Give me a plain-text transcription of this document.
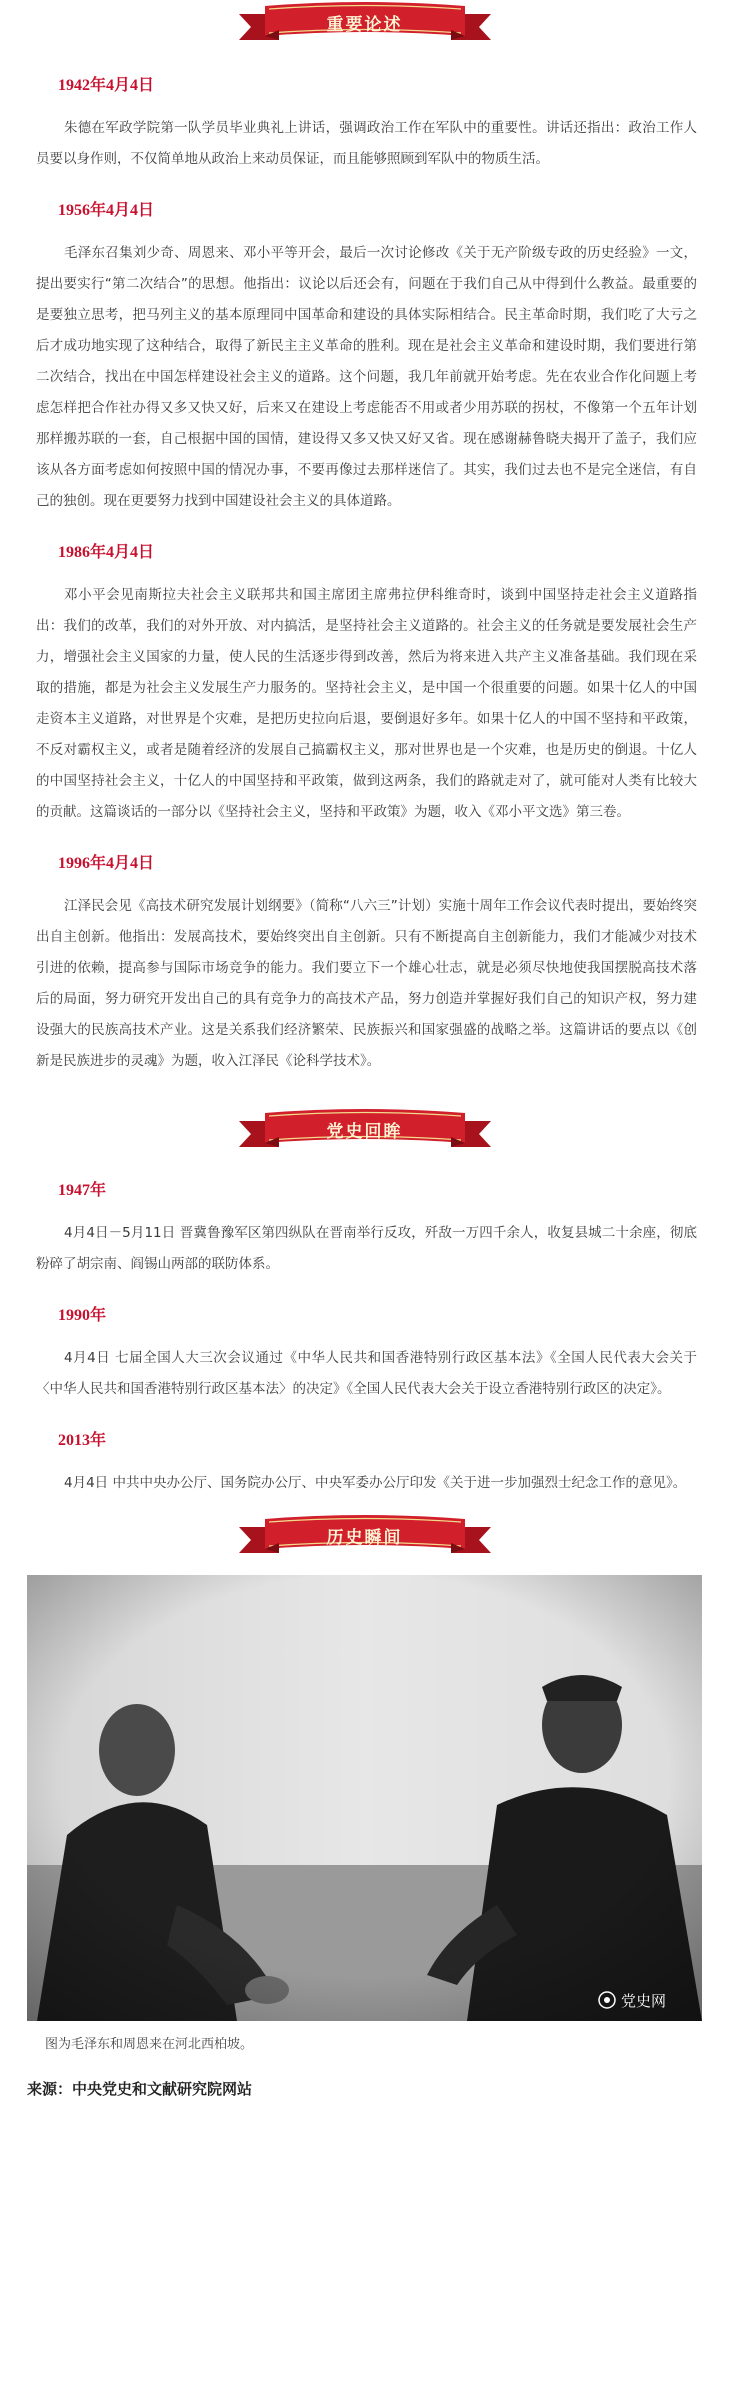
重要论述
1942年4月4日

朱德在军政学院第一队学员毕业典礼上讲话，强调政治工作在军队中的重要性。讲话还指出：政治工作人员要以身作则，不仅简单地从政治上来动员保证，而且能够照顾到军队中的物质生活。

1956年4月4日

毛泽东召集刘少奇、周恩来、邓小平等开会，最后一次讨论修改《关于无产阶级专政的历史经验》一文，提出要实行“第二次结合”的思想。他指出：议论以后还会有，问题在于我们自己从中得到什么教益。最重要的是要独立思考，把马列主义的基本原理同中国革命和建设的具体实际相结合。民主革命时期，我们吃了大亏之后才成功地实现了这种结合，取得了新民主主义革命的胜利。现在是社会主义革命和建设时期，我们要进行第二次结合，找出在中国怎样建设社会主义的道路。这个问题，我几年前就开始考虑。先在农业合作化问题上考虑怎样把合作社办得又多又快又好，后来又在建设上考虑能否不用或者少用苏联的拐杖，不像第一个五年计划那样搬苏联的一套，自己根据中国的国情，建设得又多又快又好又省。现在感谢赫鲁晓夫揭开了盖子，我们应该从各方面考虑如何按照中国的情况办事，不要再像过去那样迷信了。其实，我们过去也不是完全迷信，有自己的独创。现在更要努力找到中国建设社会主义的具体道路。

1986年4月4日

邓小平会见南斯拉夫社会主义联邦共和国主席团主席弗拉伊科维奇时，谈到中国坚持走社会主义道路指出：我们的改革，我们的对外开放、对内搞活，是坚持社会主义道路的。社会主义的任务就是要发展社会生产力，增强社会主义国家的力量，使人民的生活逐步得到改善，然后为将来进入共产主义准备基础。我们现在采取的措施，都是为社会主义发展生产力服务的。坚持社会主义，是中国一个很重要的问题。如果十亿人的中国走资本主义道路，对世界是个灾难，是把历史拉向后退，要倒退好多年。如果十亿人的中国不坚持和平政策，不反对霸权主义，或者是随着经济的发展自己搞霸权主义，那对世界也是一个灾难，也是历史的倒退。十亿人的中国坚持社会主义，十亿人的中国坚持和平政策，做到这两条，我们的路就走对了，就可能对人类有比较大的贡献。这篇谈话的一部分以《坚持社会主义，坚持和平政策》为题，收入《邓小平文选》第三卷。

1996年4月4日

江泽民会见《高技术研究发展计划纲要》（简称“八六三”计划）实施十周年工作会议代表时提出，要始终突出自主创新。他指出：发展高技术，要始终突出自主创新。只有不断提高自主创新能力，我们才能减少对技术引进的依赖，提高参与国际市场竞争的能力。我们要立下一个雄心壮志，就是必须尽快地使我国摆脱高技术落后的局面，努力研究开发出自己的具有竞争力的高技术产品，努力创造并掌握好我们自己的知识产权，努力建设强大的民族高技术产业。这是关系我们经济繁荣、民族振兴和国家强盛的战略之举。这篇讲话的要点以《创新是民族进步的灵魂》为题，收入江泽民《论科学技术》。

党史回眸
1947年

4月4日－5月11日 晋冀鲁豫军区第四纵队在晋南举行反攻，歼敌一万四千余人，收复县城二十余座，彻底粉碎了胡宗南、阎锡山两部的联防体系。

1990年

4月4日 七届全国人大三次会议通过《中华人民共和国香港特别行政区基本法》《全国人民代表大会关于〈中华人民共和国香港特别行政区基本法〉的决定》《全国人民代表大会关于设立香港特别行政区的决定》。

2013年

4月4日 中共中央办公厅、国务院办公厅、中央军委办公厅印发《关于进一步加强烈士纪念工作的意见》。

历史瞬间
党史网

图为毛泽东和周恩来在河北西柏坡。

来源：中央党史和文献研究院网站
